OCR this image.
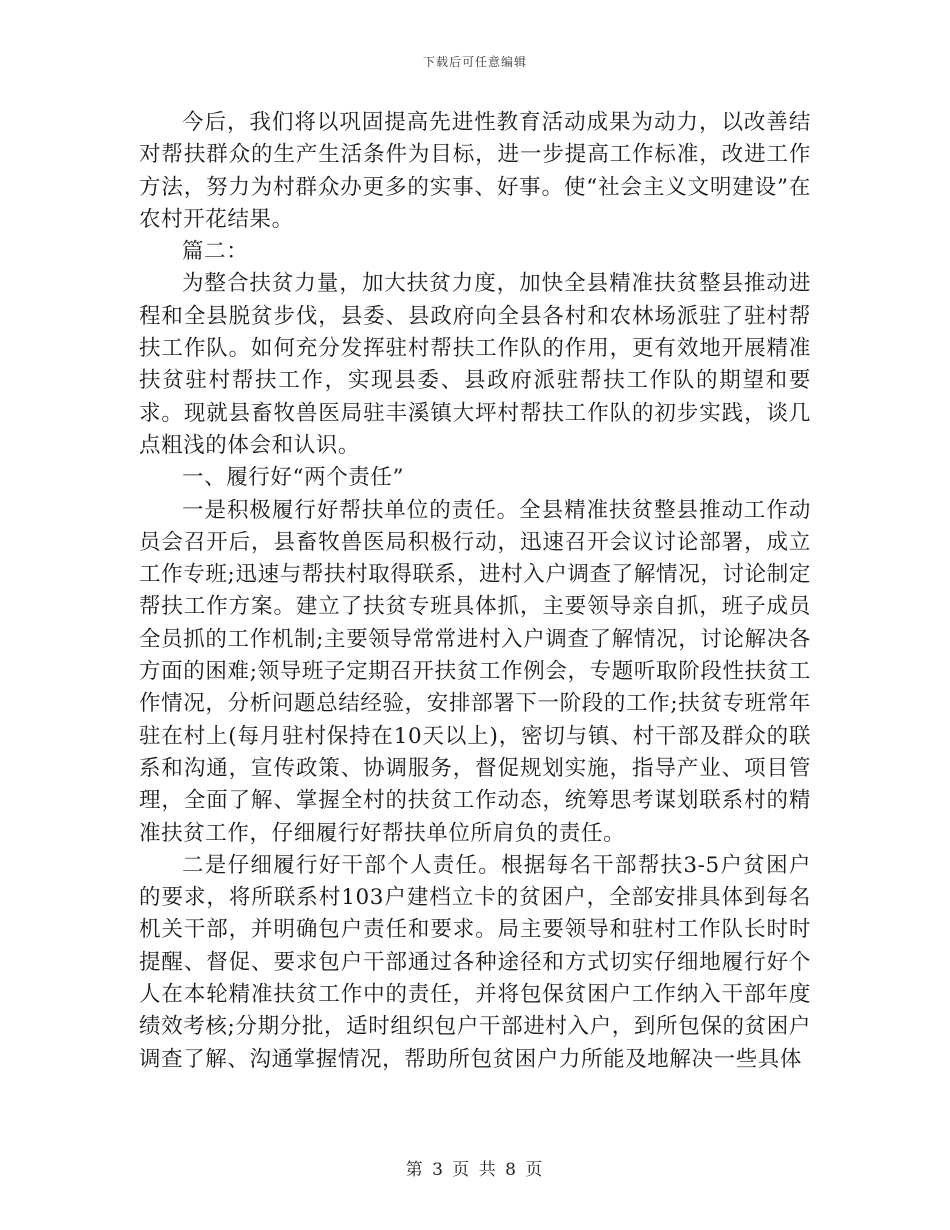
下载后可任意编辑

今后，我们将以巩固提高先进性教育活动成果为动力，以改善结对帮扶群众的生产生活条件为目标，进一步提高工作标准，改进工作方法，努力为村群众办更多的实事、好事。使“社会主义文明建设”在农村开花结果。

篇二：

为整合扶贫力量，加大扶贫力度，加快全县精准扶贫整县推动进程和全县脱贫步伐，县委、县政府向全县各村和农林场派驻了驻村帮扶工作队。如何充分发挥驻村帮扶工作队的作用，更有效地开展精准扶贫驻村帮扶工作，实现县委、县政府派驻帮扶工作队的期望和要求。现就县畜牧兽医局驻丰溪镇大坪村帮扶工作队的初步实践，谈几点粗浅的体会和认识。

一、履行好“两个责任”

一是积极履行好帮扶单位的责任。全县精准扶贫整县推动工作动员会召开后，县畜牧兽医局积极行动，迅速召开会议讨论部署，成立工作专班;迅速与帮扶村取得联系，进村入户调查了解情况，讨论制定帮扶工作方案。建立了扶贫专班具体抓，主要领导亲自抓，班子成员全员抓的工作机制;主要领导常常进村入户调查了解情况，讨论解决各方面的困难;领导班子定期召开扶贫工作例会，专题听取阶段性扶贫工作情况，分析问题总结经验，安排部署下一阶段的工作;扶贫专班常年驻在村上(每月驻村保持在10天以上)，密切与镇、村干部及群众的联系和沟通，宣传政策、协调服务，督促规划实施，指导产业、项目管理，全面了解、掌握全村的扶贫工作动态，统筹思考谋划联系村的精准扶贫工作，仔细履行好帮扶单位所肩负的责任。

二是仔细履行好干部个人责任。根据每名干部帮扶3-5户贫困户的要求，将所联系村103户建档立卡的贫困户，全部安排具体到每名机关干部，并明确包户责任和要求。局主要领导和驻村工作队长时时提醒、督促、要求包户干部通过各种途径和方式切实仔细地履行好个人在本轮精准扶贫工作中的责任，并将包保贫困户工作纳入干部年度绩效考核;分期分批，适时组织包户干部进村入户，到所包保的贫困户调查了解、沟通掌握情况，帮助所包贫困户力所能及地解决一些具体

第 3 页 共 8 页
